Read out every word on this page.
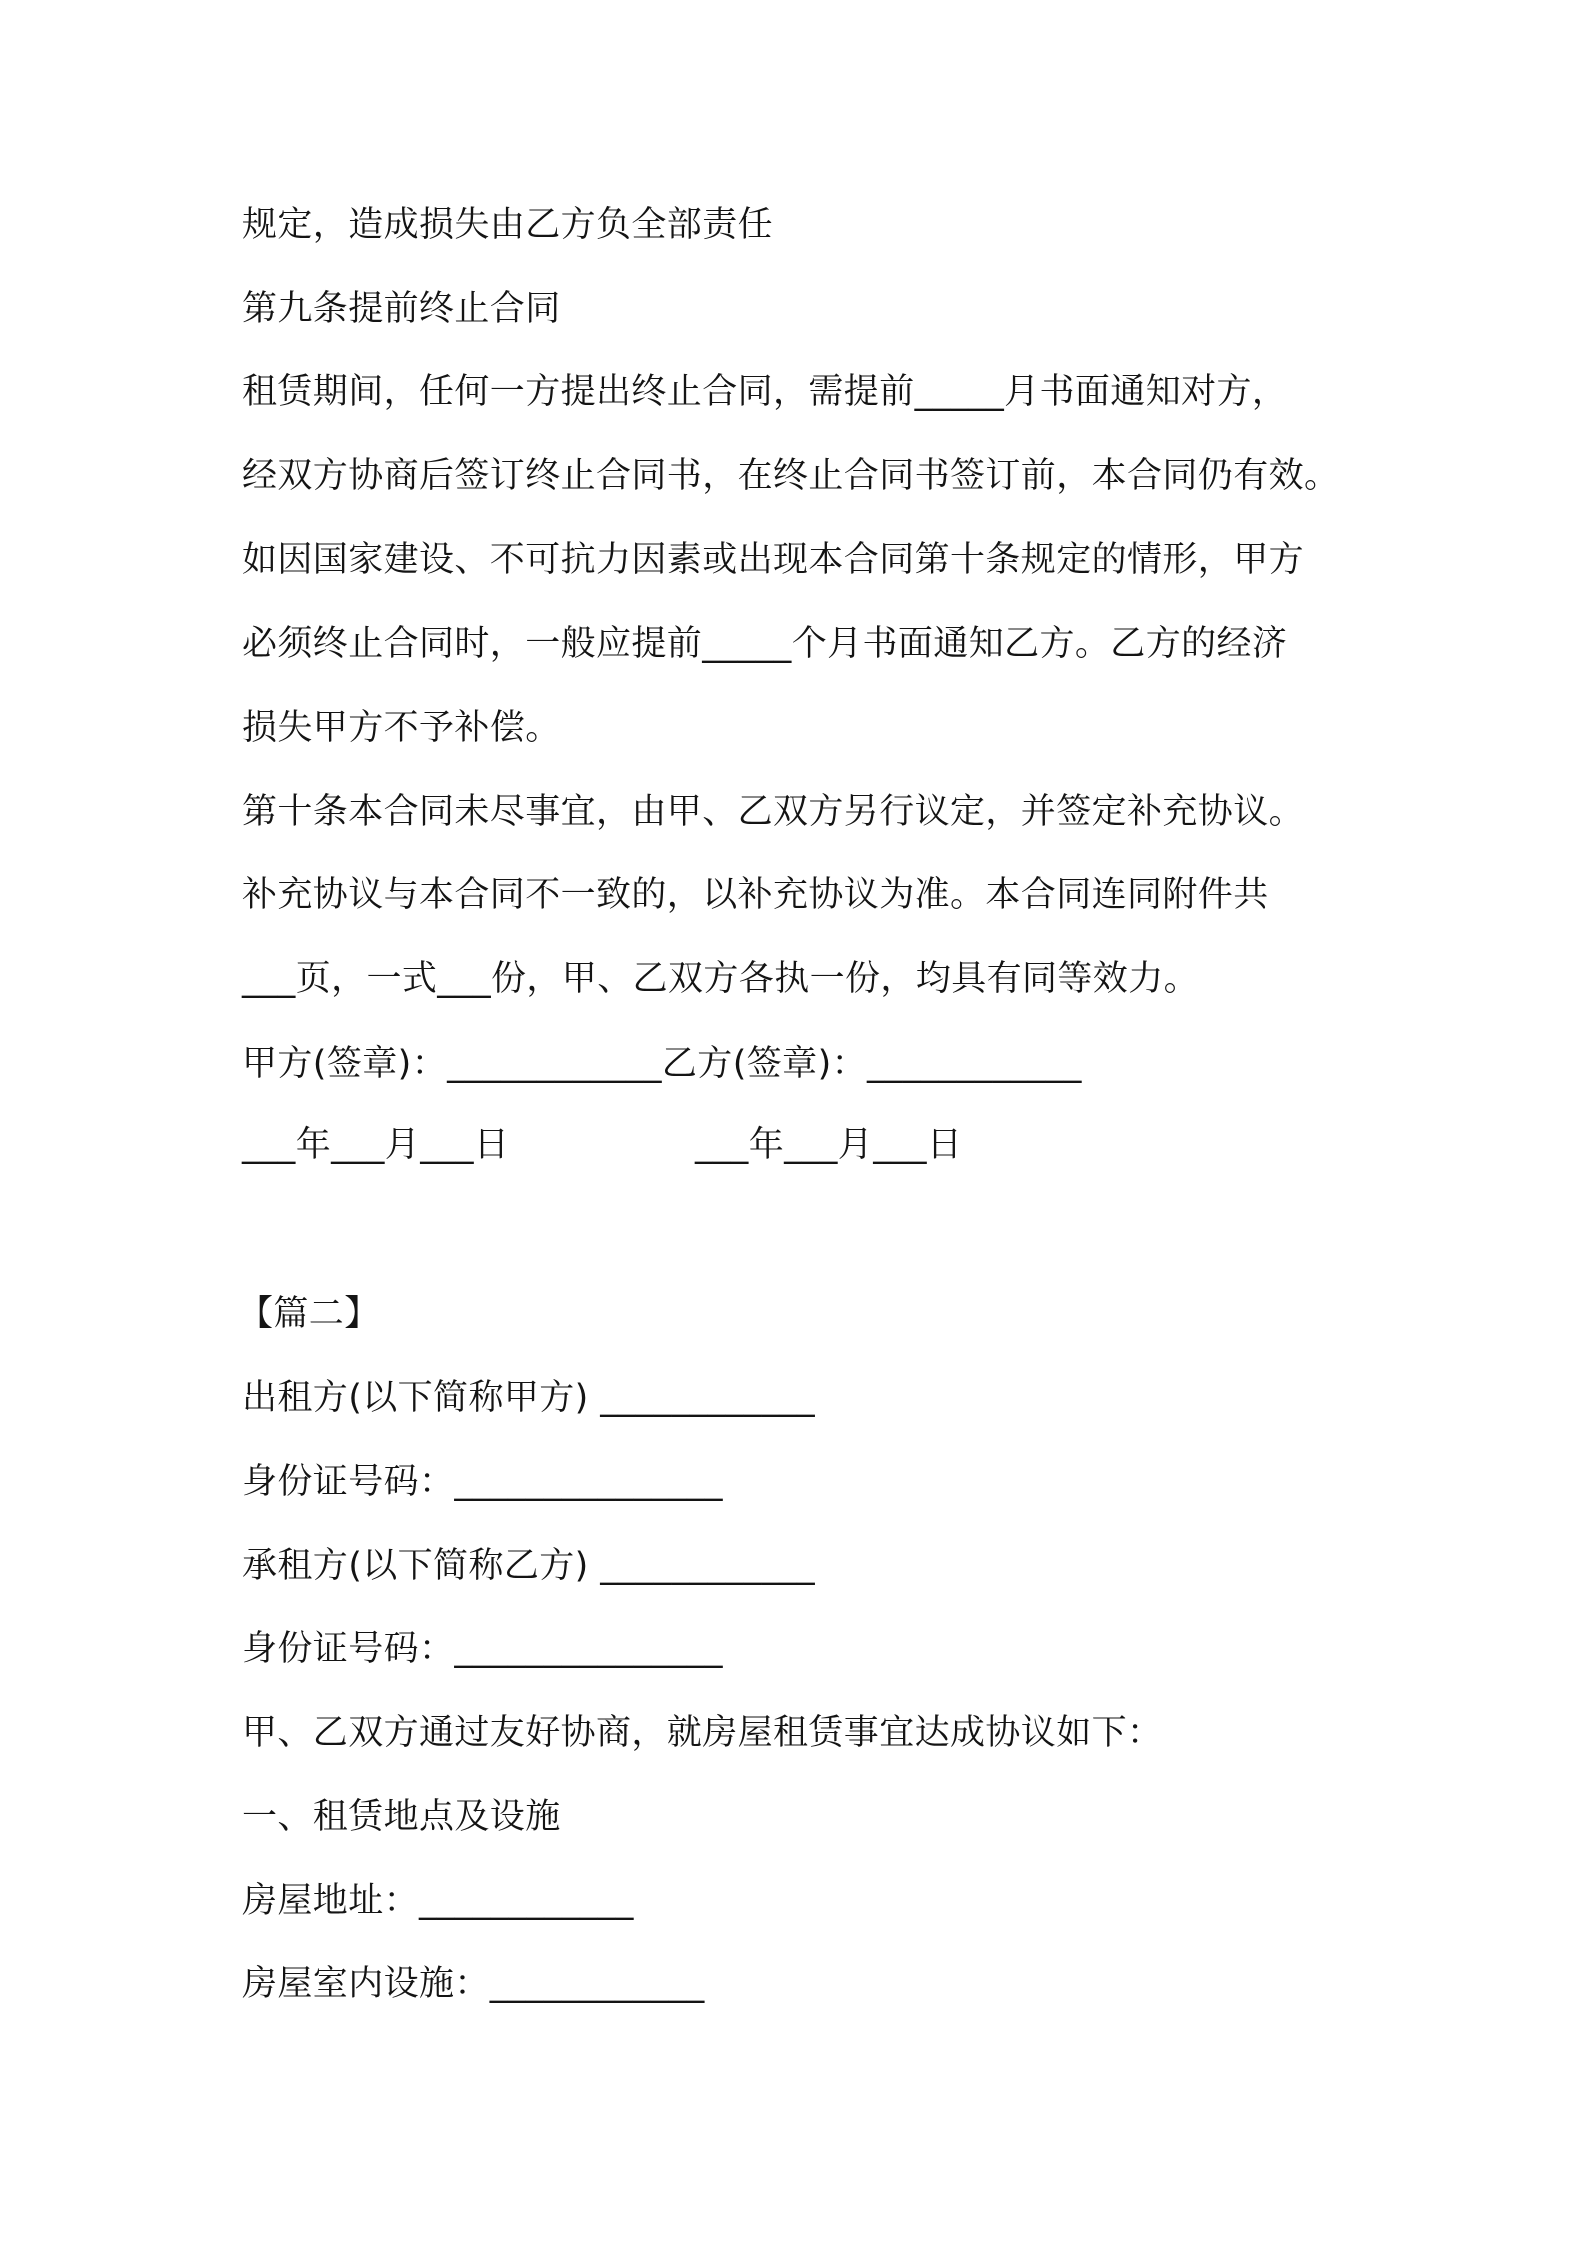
规定，造成损失由乙方负全部责任
第九条提前终止合同
租赁期间，任何一方提出终止合同，需提前_____月书面通知对方，
经双方协商后签订终止合同书，在终止合同书签订前，本合同仍有效。
如因国家建设、不可抗力因素或出现本合同第十条规定的情形，甲方
必须终止合同时，一般应提前_____个月书面通知乙方。乙方的经济
损失甲方不予补偿。
第十条本合同未尽事宜，由甲、乙双方另行议定，并签定补充协议。
补充协议与本合同不一致的，以补充协议为准。本合同连同附件共
___页，一式___份，甲、乙双方各执一份，均具有同等效力。
甲方(签章)：____________乙方(签章)：____________
___年___月___日	___年___月___日
【篇二】
出租方(以下简称甲方) ____________
身份证号码：_______________
承租方(以下简称乙方) ____________
身份证号码：_______________
甲、乙双方通过友好协商，就房屋租赁事宜达成协议如下：
一、租赁地点及设施
房屋地址：____________
房屋室内设施：____________
